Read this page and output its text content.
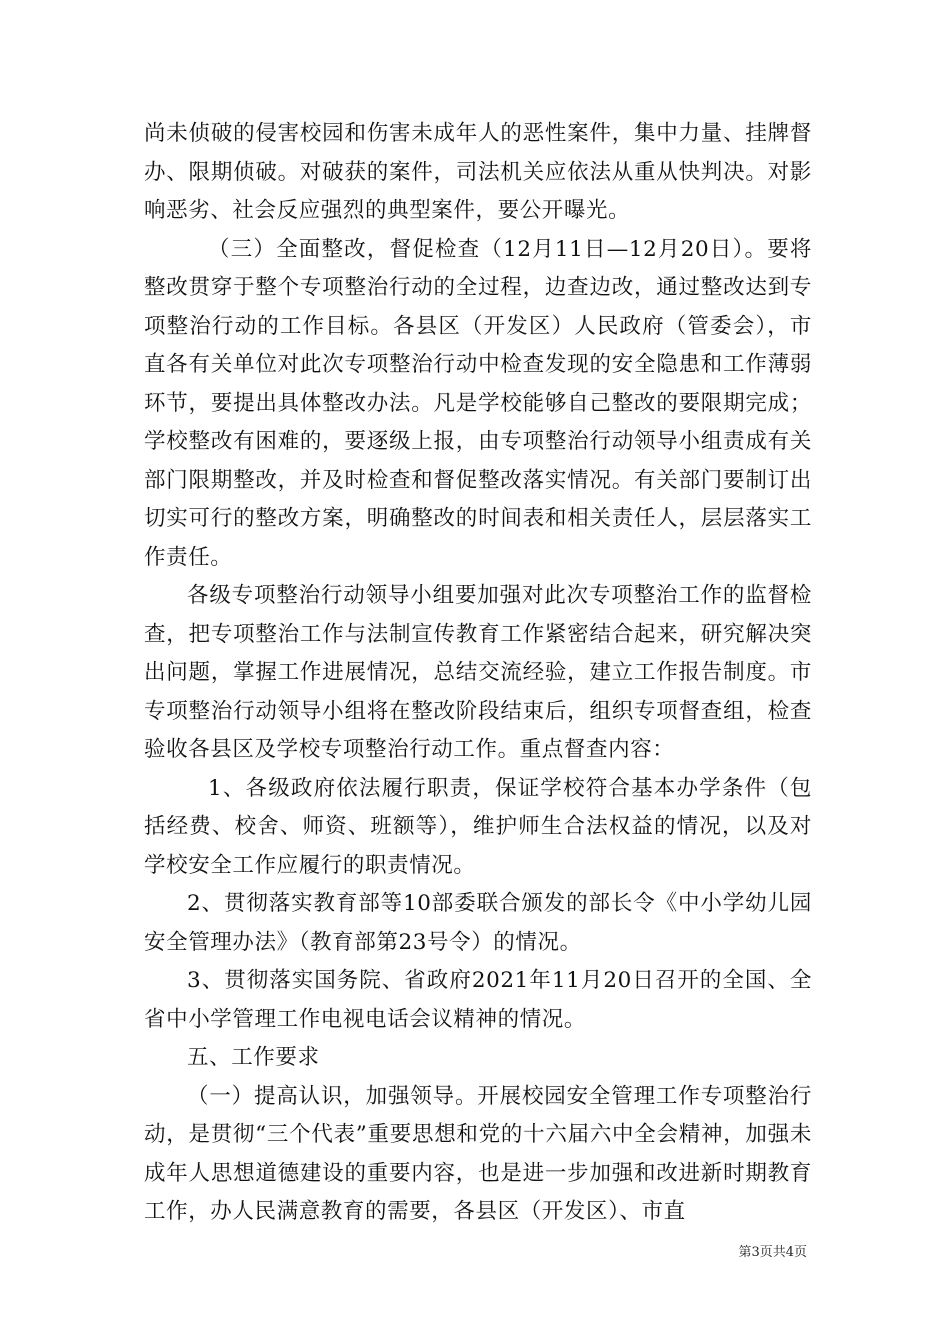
尚未侦破的侵害校园和伤害未成年人的恶性案件，集中力量、挂牌督办、限期侦破。对破获的案件，司法机关应依法从重从快判决。对影响恶劣、社会反应强烈的典型案件，要公开曝光。

（三）全面整改，督促检查（12月11日—12月20日）。要将整改贯穿于整个专项整治行动的全过程，边查边改，通过整改达到专项整治行动的工作目标。各县区（开发区）人民政府（管委会），市直各有关单位对此次专项整治行动中检查发现的安全隐患和工作薄弱环节，要提出具体整改办法。凡是学校能够自己整改的要限期完成；学校整改有困难的，要逐级上报，由专项整治行动领导小组责成有关部门限期整改，并及时检查和督促整改落实情况。有关部门要制订出切实可行的整改方案，明确整改的时间表和相关责任人，层层落实工作责任。

各级专项整治行动领导小组要加强对此次专项整治工作的监督检查，把专项整治工作与法制宣传教育工作紧密结合起来，研究解决突出问题，掌握工作进展情况，总结交流经验，建立工作报告制度。市专项整治行动领导小组将在整改阶段结束后，组织专项督查组，检查验收各县区及学校专项整治行动工作。重点督查内容：

1、各级政府依法履行职责，保证学校符合基本办学条件（包括经费、校舍、师资、班额等），维护师生合法权益的情况，以及对学校安全工作应履行的职责情况。

2、贯彻落实教育部等10部委联合颁发的部长令《中小学幼儿园安全管理办法》（教育部第23号令）的情况。

3、贯彻落实国务院、省政府2021年11月20日召开的全国、全省中小学管理工作电视电话会议精神的情况。

五、工作要求

（一）提高认识，加强领导。开展校园安全管理工作专项整治行动，是贯彻“三个代表”重要思想和党的十六届六中全会精神，加强未成年人思想道德建设的重要内容，也是进一步加强和改进新时期教育工作，办人民满意教育的需要，各县区（开发区）、市直

第3页共4页
